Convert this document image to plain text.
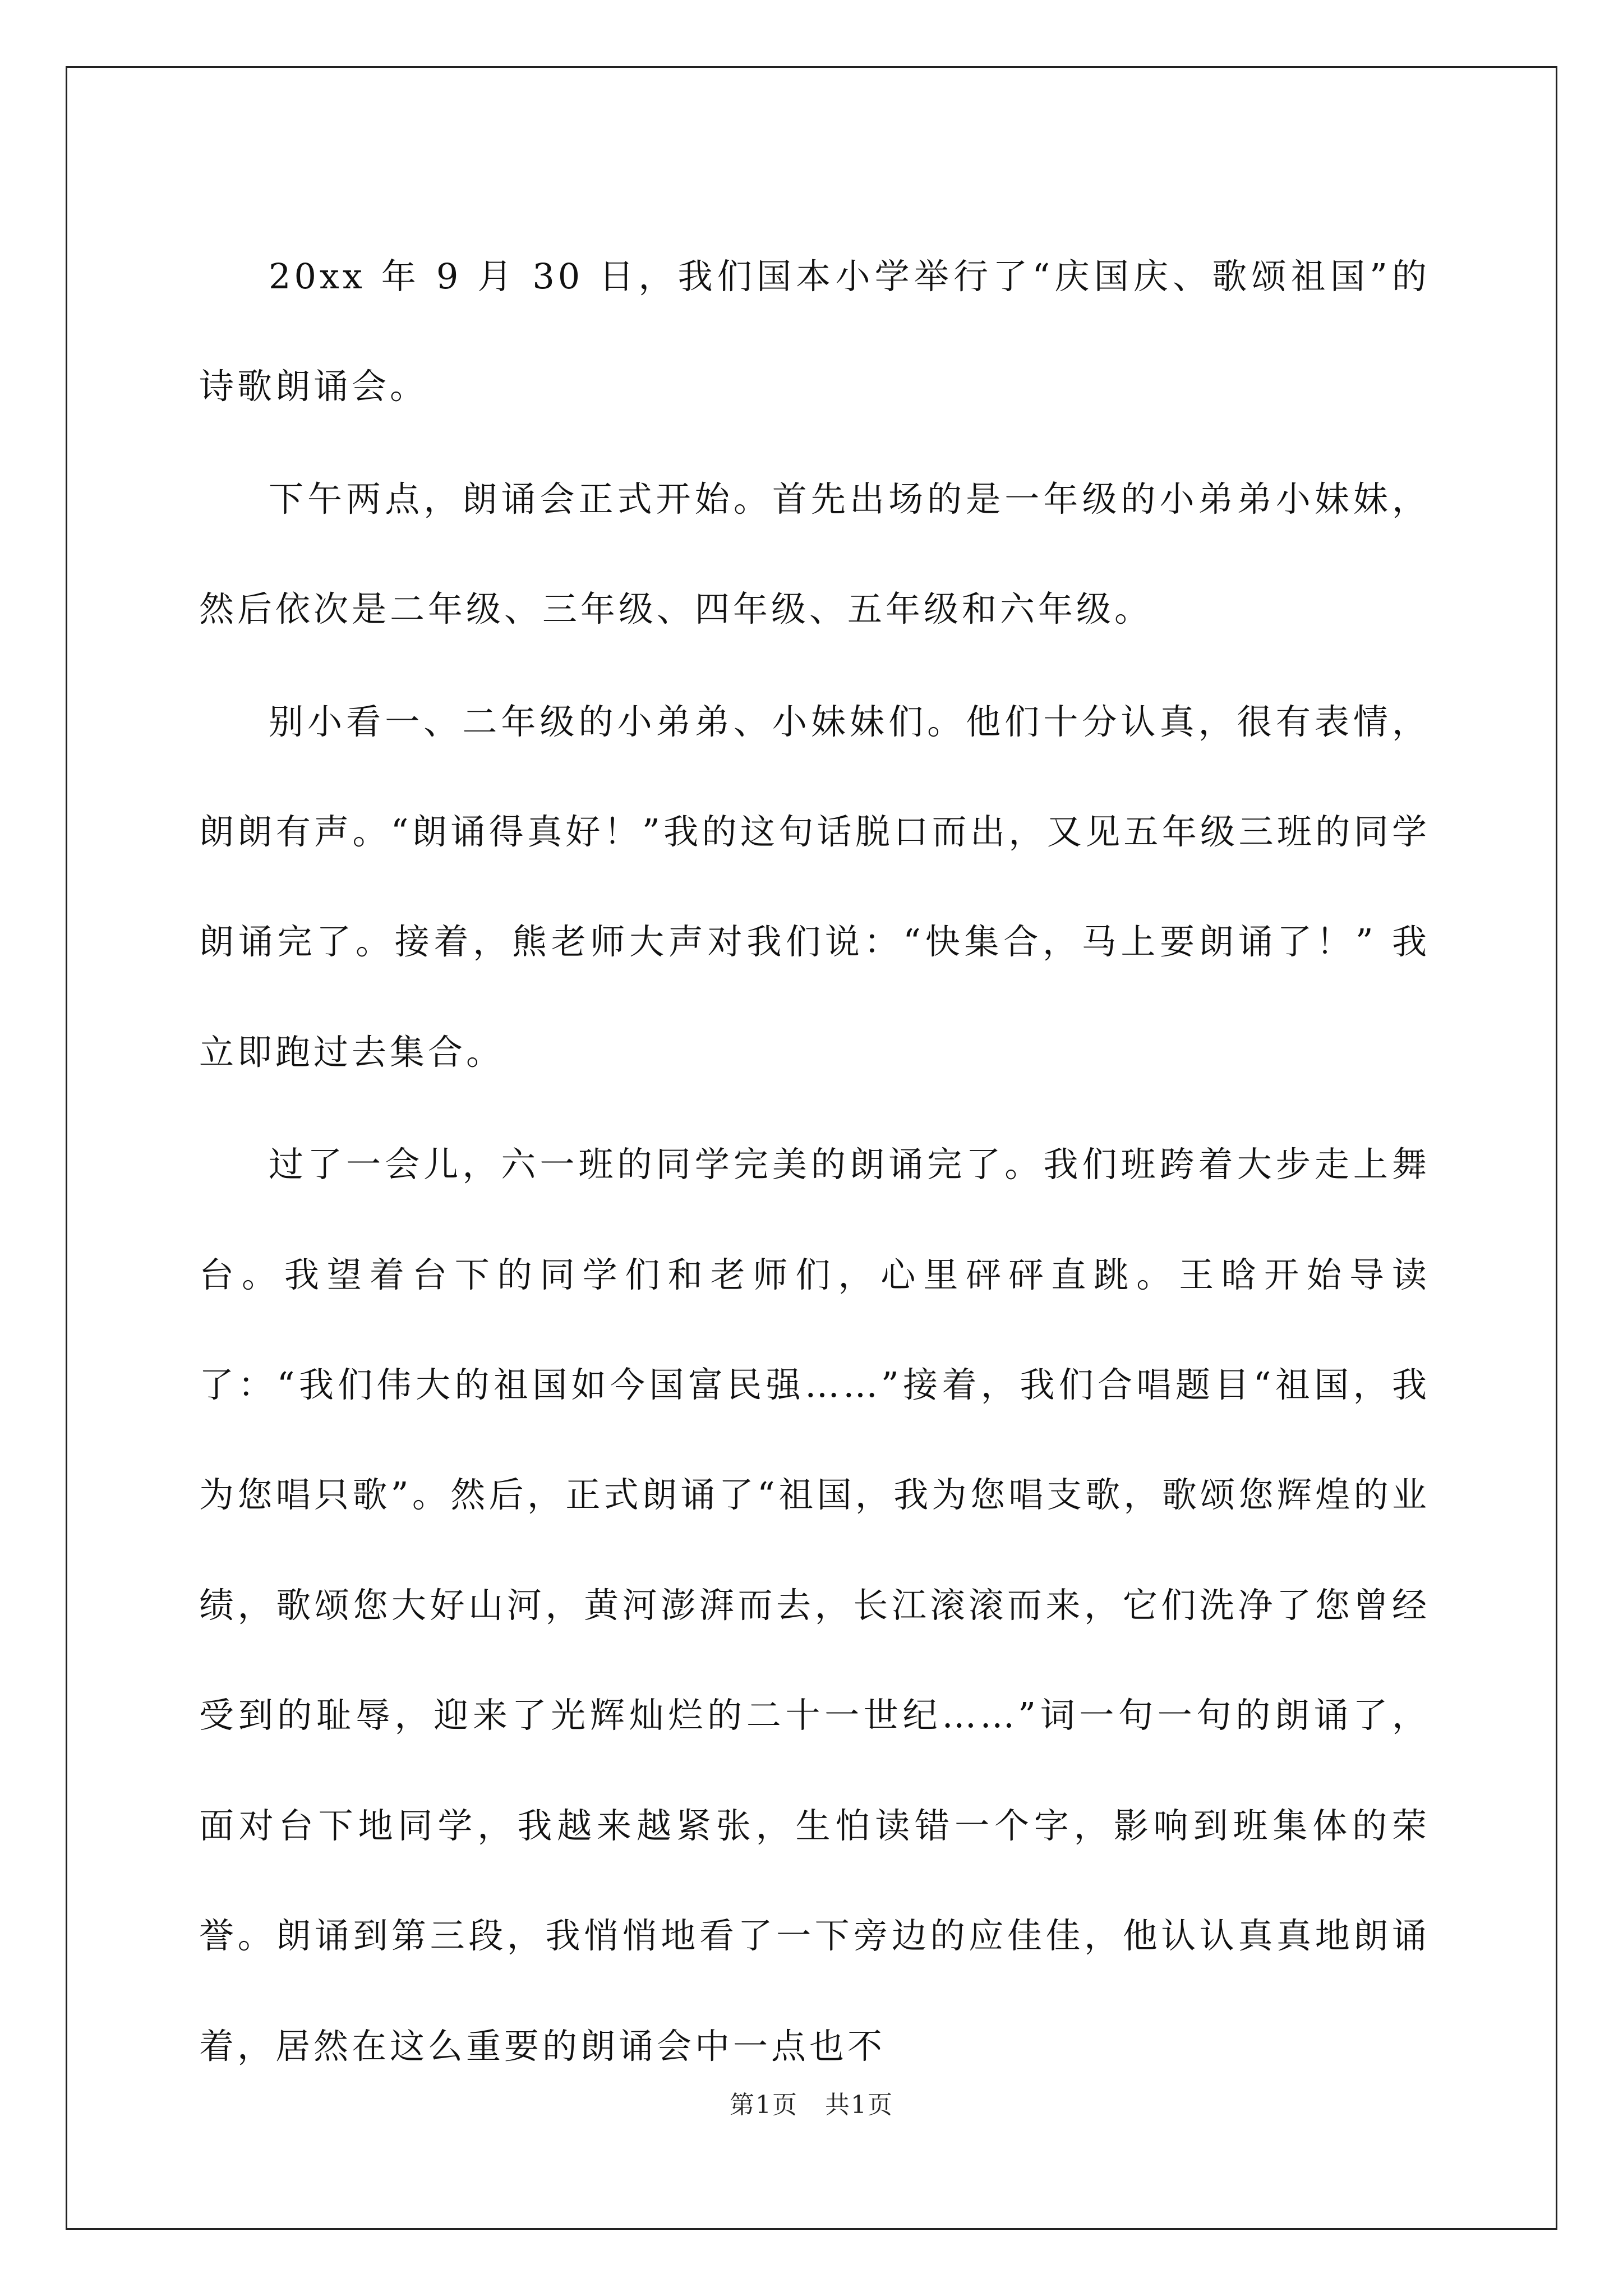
20xx 年 9 月 30 日，我们国本小学举行了“庆国庆、歌颂祖国”的诗歌朗诵会。

下午两点，朗诵会正式开始。首先出场的是一年级的小弟弟小妹妹，然后依次是二年级、三年级、四年级、五年级和六年级。

别小看一、二年级的小弟弟、小妹妹们。他们十分认真，很有表情，朗朗有声。“朗诵得真好！”我的这句话脱口而出，又见五年级三班的同学朗诵完了。接着，熊老师大声对我们说：“快集合，马上要朗诵了！” 我立即跑过去集合。

过了一会儿，六一班的同学完美的朗诵完了。我们班跨着大步走上舞台。我望着台下的同学们和老师们，心里砰砰直跳。王晗开始导读了：“我们伟大的祖国如今国富民强……”接着，我们合唱题目“祖国，我为您唱只歌”。然后，正式朗诵了“祖国，我为您唱支歌，歌颂您辉煌的业绩，歌颂您大好山河，黄河澎湃而去，长江滚滚而来，它们洗净了您曾经受到的耻辱，迎来了光辉灿烂的二十一世纪……”词一句一句的朗诵了，面对台下地同学，我越来越紧张，生怕读错一个字，影响到班集体的荣誉。朗诵到第三段，我悄悄地看了一下旁边的应佳佳，他认认真真地朗诵着，居然在这么重要的朗诵会中一点也不

第1页 共1页
